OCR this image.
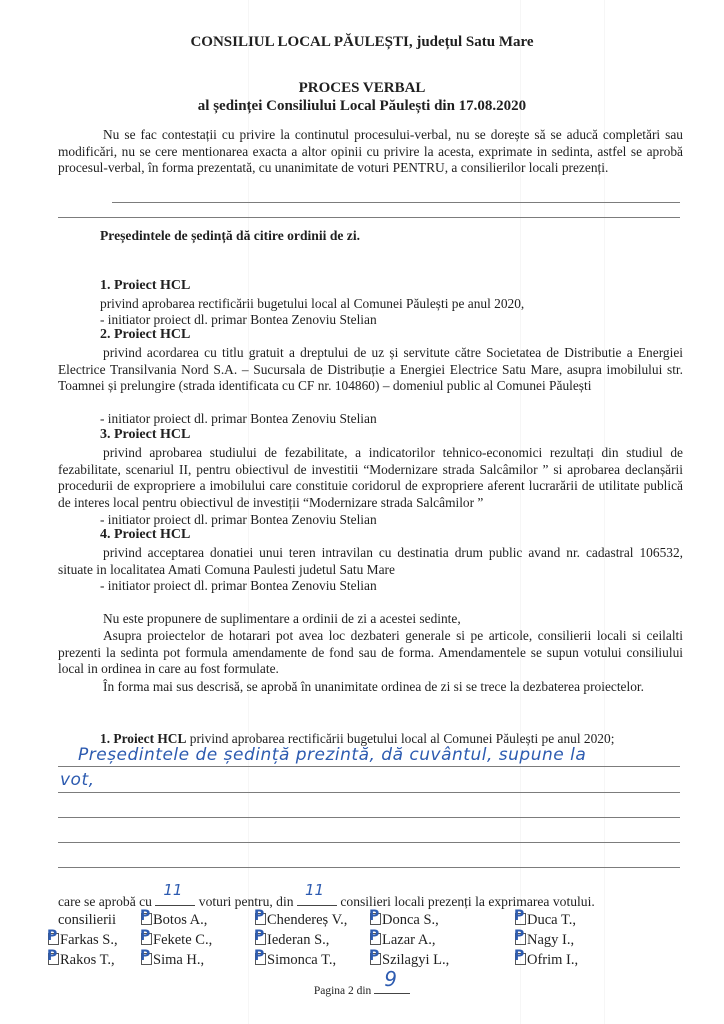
CONSILIUL LOCAL PĂULEȘTI, județul Satu Mare
PROCES VERBAL
al ședinței Consiliului Local Păulești din 17.08.2020
Nu se fac contestații cu privire la continutul procesului-verbal, nu se dorește să se aducă completări sau modificări, nu se cere mentionarea exacta a altor opinii cu privire la acesta, exprimate in sedinta, astfel se aprobă procesul-verbal, în forma prezentată, cu unanimitate de voturi PENTRU, a consilierilor locali prezenți.
Președintele de ședință dă citire ordinii de zi.
1. Proiect HCL
privind aprobarea rectificării bugetului local al Comunei Păulești pe anul 2020,
- initiator proiect dl. primar Bontea Zenoviu Stelian
2. Proiect HCL
privind acordarea cu titlu gratuit a dreptului de uz și servitute către Societatea de Distributie a Energiei Electrice Transilvania Nord S.A. – Sucursala de Distribuție a Energiei Electrice Satu Mare, asupra imobilului str. Toamnei și prelungire (strada identificata cu CF nr. 104860) – domeniul public al Comunei Păulești
- initiator proiect dl. primar Bontea Zenoviu Stelian
3. Proiect HCL
privind aprobarea studiului de fezabilitate, a indicatorilor tehnico-economici rezultați din studiul de fezabilitate, scenariul II, pentru obiectivul de investitii “Modernizare strada Salcâmilor ” si aprobarea declanșării procedurii de expropriere a imobilului care constituie coridorul de expropriere aferent lucrarării de utilitate publică de interes local pentru obiectivul de investiții “Modernizare strada Salcâmilor ”
- initiator proiect dl. primar Bontea Zenoviu Stelian
4. Proiect HCL
privind acceptarea donatiei unui teren intravilan cu destinatia drum public avand nr. cadastral 106532, situate in localitatea Amati Comuna Paulesti judetul Satu Mare
- initiator proiect dl. primar Bontea Zenoviu Stelian
Nu este propunere de suplimentare a ordinii de zi a acestei sedinte,
Asupra proiectelor de hotarari pot avea loc dezbateri generale si pe articole, consilierii locali si ceilalti prezenti la sedinta pot formula amendamente de fond sau de forma. Amendamentele se supun votului consiliului local in ordinea in care au fost formulate.
În forma mai sus descrisă, se aprobă în unanimitate ordinea de zi si se trece la dezbaterea proiectelor.
1. Proiect HCL privind aprobarea rectificării bugetului local al Comunei Păulești pe anul 2020;
Președintele de ședință prezintă, dă cuvântul, supune la
vot,
care se aprobă cu
11
voturi pentru, din
11
consilieri locali prezenți la exprimarea votului.
consilierii P Botos A.,	P Chendereș V., P Donca S.,	P Duca T.,
P Farkas S., P Fekete C.,	P Iederan S.,	P Lazar A.,	P Nagy I.,
P Rakos T., P Sima H.,	P Simonca T., P Szilagyi L.,	P Ofrim I.,
Pagina 2 din 9
